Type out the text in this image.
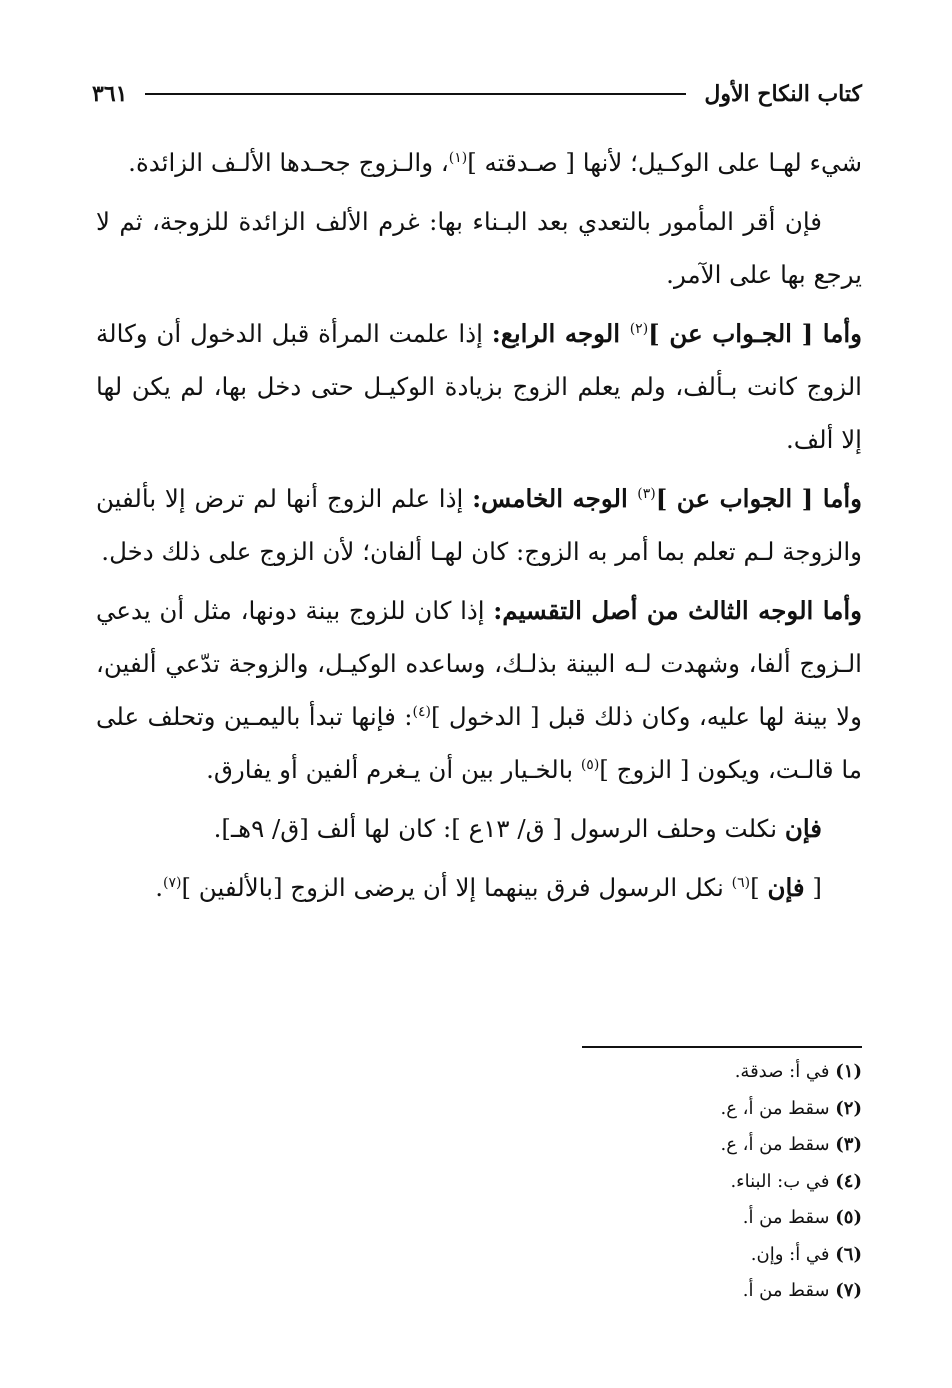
كتاب النكاح الأول
٣٦١

شيء لهـا على الوكـيل؛ لأنها [ صـدقته ]$^{(١)}$، والـزوج جحـدها الألـف الزائدة.

فإن أقر المأمور بالتعدي بعد البـناء بها: غرم الألف الزائدة للزوجة، ثم لا يرجع بها على الآمر.

وأما [ الجـواب عن ]$^{(٢)}$ الوجه الرابع: إذا علمت المرأة قبل الدخول أن وكالة الزوج كانت بـألف، ولم يعلم الزوج بزيادة الوكيـل حتى دخل بها، لم يكن لها إلا ألف.

وأما [ الجواب عن ]$^{(٣)}$ الوجه الخامس: إذا علم الزوج أنها لم ترض إلا بألفين والزوجة لـم تعلم بما أمر به الزوج: كان لهـا ألفان؛ لأن الزوج على ذلك دخل.

وأما الوجه الثالث من أصل التقسيم: إذا كان للزوج بينة دونها، مثل أن يدعي الـزوج ألفا، وشهدت لـه البينة بذلـك، وساعده الوكيـل، والزوجة تدّعي ألفين، ولا بينة لها عليه، وكان ذلك قبل [ الدخول ]$^{(٤)}$: فإنها تبدأ باليمـين وتحلف على ما قالـت، ويكون [ الزوج ]$^{(٥)}$ بالخـيار بين أن يـغرم ألفين أو يفارق.

فإن نكلت وحلف الرسول [ ق/ ١٣ع ]: كان لها ألف [ق/ ٩هـ].

[ فإن ]$^{(٦)}$ نكل الرسول فرق بينهما إلا أن يرضى الزوج [بالألفين ]$^{(٧)}$.

(١) في أ: صدقة.
(٢) سقط من أ، ع.
(٣) سقط من أ، ع.
(٤) في ب: البناء.
(٥) سقط من أ.
(٦) في أ: وإن.
(٧) سقط من أ.
